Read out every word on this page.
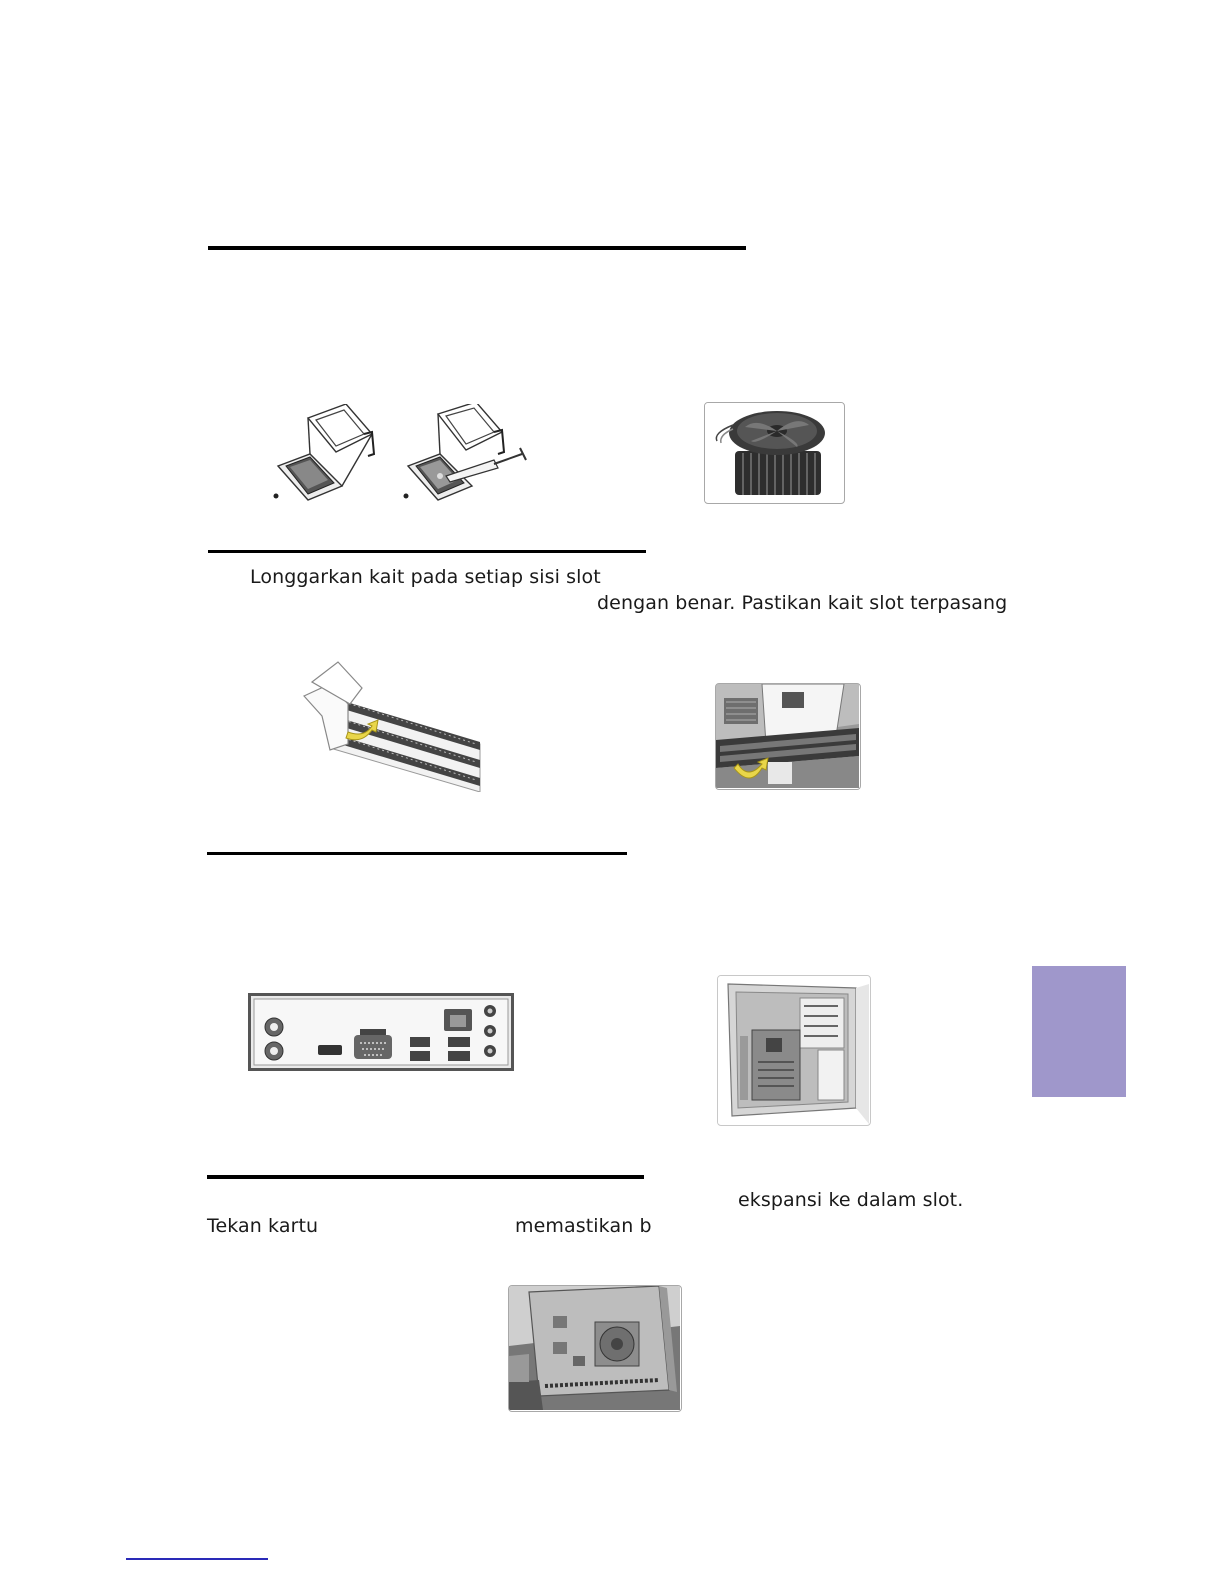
Longgarkan kait pada setiap sisi slot
dengan benar. Pastikan kait slot terpasang
ekspansi ke dalam slot.
Tekan kartu	memastikan b
